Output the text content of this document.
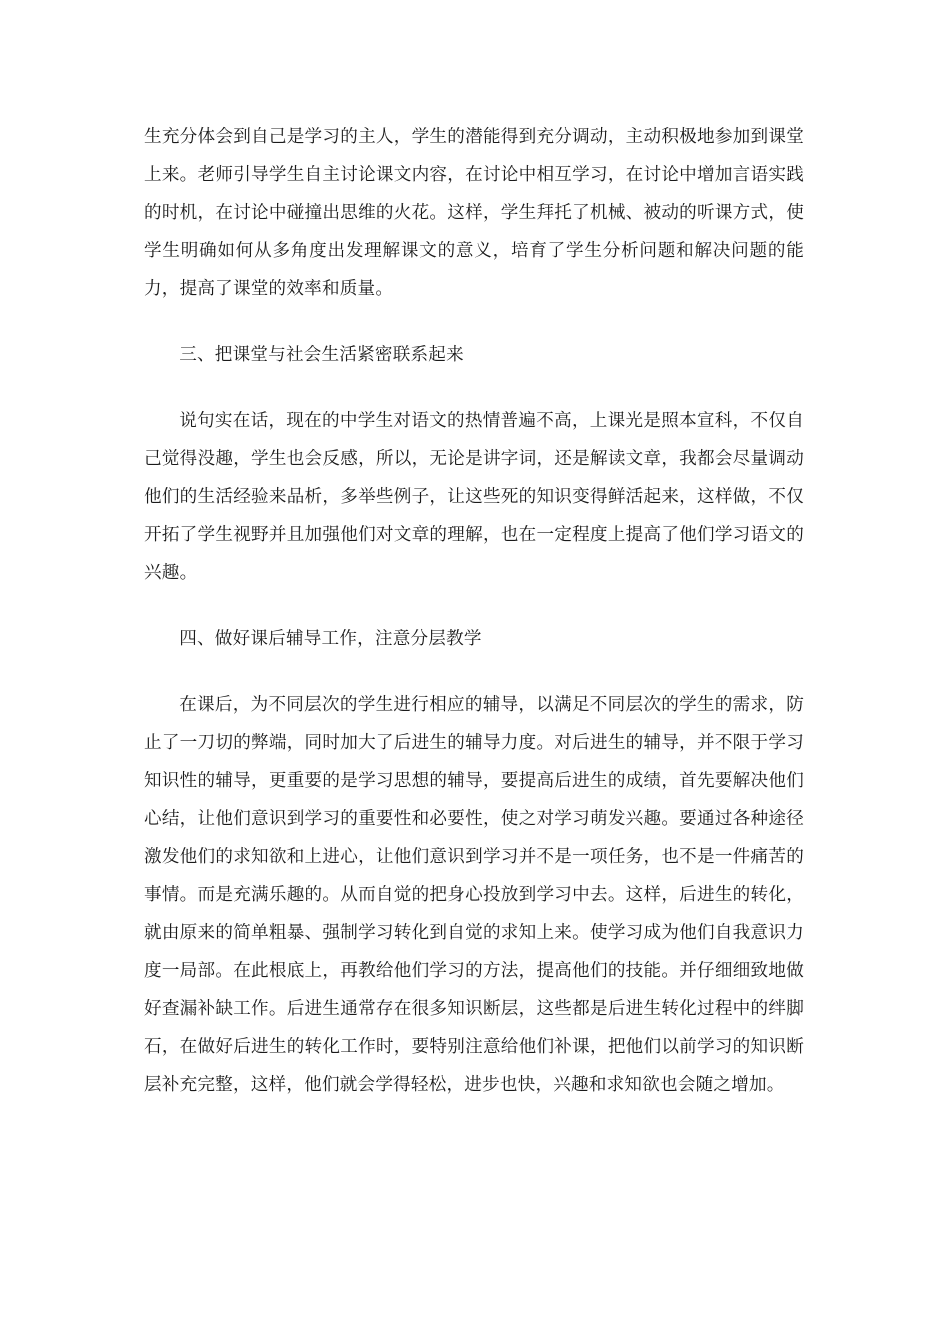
生充分体会到自己是学习的主人，学生的潜能得到充分调动，主动积极地参加到课堂上来。老师引导学生自主讨论课文内容，在讨论中相互学习，在讨论中增加言语实践的时机，在讨论中碰撞出思维的火花。这样，学生拜托了机械、被动的听课方式，使学生明确如何从多角度出发理解课文的意义，培育了学生分析问题和解决问题的能力，提高了课堂的效率和质量。

三、把课堂与社会生活紧密联系起来

说句实在话，现在的中学生对语文的热情普遍不高，上课光是照本宣科，不仅自己觉得没趣，学生也会反感，所以，无论是讲字词，还是解读文章，我都会尽量调动他们的生活经验来品析，多举些例子，让这些死的知识变得鲜活起来，这样做，不仅开拓了学生视野并且加强他们对文章的理解，也在一定程度上提高了他们学习语文的兴趣。

四、做好课后辅导工作，注意分层教学

在课后，为不同层次的学生进行相应的辅导，以满足不同层次的学生的需求，防止了一刀切的弊端，同时加大了后进生的辅导力度。对后进生的辅导，并不限于学习知识性的辅导，更重要的是学习思想的辅导，要提高后进生的成绩，首先要解决他们心结，让他们意识到学习的重要性和必要性，使之对学习萌发兴趣。要通过各种途径激发他们的求知欲和上进心，让他们意识到学习并不是一项任务，也不是一件痛苦的事情。而是充满乐趣的。从而自觉的把身心投放到学习中去。这样，后进生的转化，就由原来的简单粗暴、强制学习转化到自觉的求知上来。使学习成为他们自我意识力度一局部。在此根底上，再教给他们学习的方法，提高他们的技能。并仔细细致地做好查漏补缺工作。后进生通常存在很多知识断层，这些都是后进生转化过程中的绊脚石，在做好后进生的转化工作时，要特别注意给他们补课，把他们以前学习的知识断层补充完整，这样，他们就会学得轻松，进步也快，兴趣和求知欲也会随之增加。
